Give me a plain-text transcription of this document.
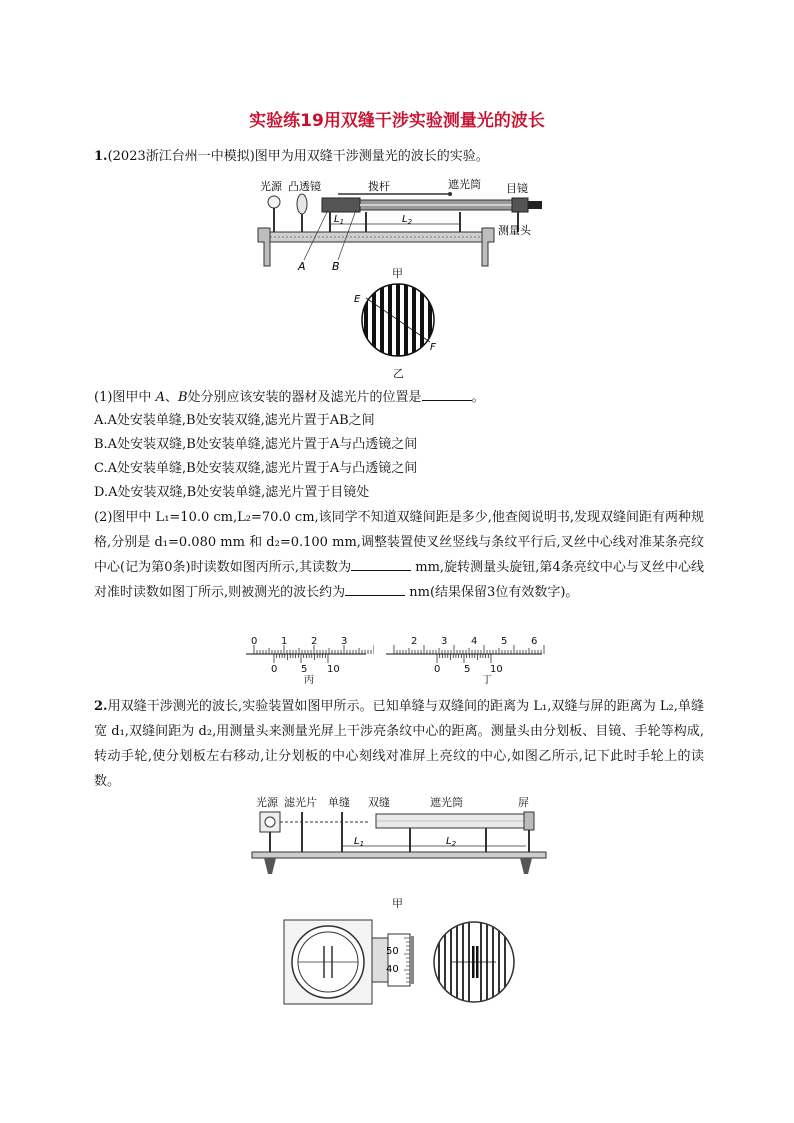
实验练19用双缝干涉实验测量光的波长
1.(2023浙江台州一中模拟)图甲为用双缝干涉测量光的波长的实验。
光源 凸透镜	拨杆	遮光筒 目镜
测量头
$L_1$	$L_2$
A B
甲
E
F
乙
(1)图甲中 A、B处分别应该安装的器材及滤光片的位置是	。
A.A处安装单缝,B处安装双缝,滤光片置于AB之间
B.A处安装双缝,B处安装单缝,滤光片置于A与凸透镜之间
C.A处安装单缝,B处安装双缝,滤光片置于A与凸透镜之间
D.A处安装双缝,B处安装单缝,滤光片置于目镜处
(2)图甲中 L₁=10.0 cm,L₂=70.0 cm,该同学不知道双缝间距是多少,他查阅说明书,发现双缝间距有两种规格,分别是 d₁=0.080 mm 和 d₂=0.100 mm,调整装置使叉丝竖线与条纹平行后,叉丝中心线对准某条亮纹中心(记为第0条)时读数如图丙所示,其读数为	mm,旋转测量头旋钮,第4条亮纹中心与叉丝中心线对准时读数如图丁所示,则被测光的波长约为	nm(结果保留3位有效数字)。
0 1 2 3
0 5 10
丙
2 3 4 5 6
0 5 10
丁
2.用双缝干涉测光的波长,实验装置如图甲所示。已知单缝与双缝间的距离为 L₁,双缝与屏的距离为 L₂,单缝宽 d₁,双缝间距为 d₂,用测量头来测量光屏上干涉亮条纹中心的距离。测量头由分划板、目镜、手轮等构成,转动手轮,使分划板左右移动,让分划板的中心刻线对准屏上亮纹的中心,如图乙所示,记下此时手轮上的读数。
光源 滤光片 单缝 双缝	遮光筒	屏
$L_1$	$L_2$
甲
50
40
